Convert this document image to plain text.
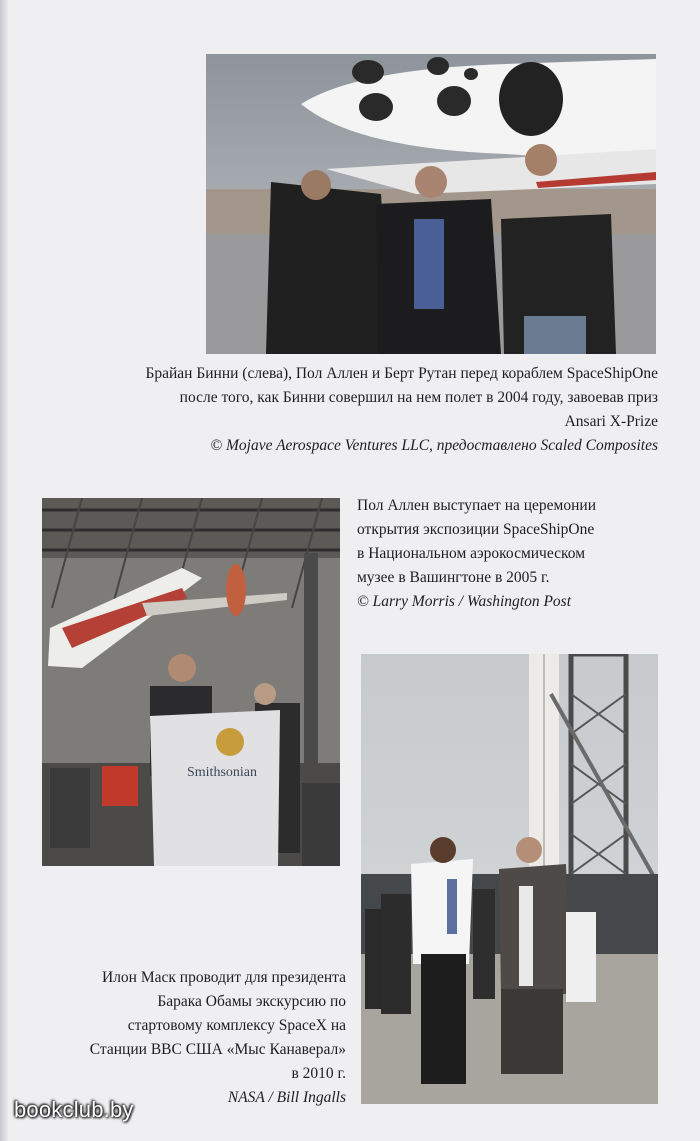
Брайан Бинни (слева), Пол Аллен и Берт Рутан перед кораблем SpaceShipOne
после того, как Бинни совершил на нем полет в 2004 году, завоевав приз
Ansari X-Prize
© Mojave Aerospace Ventures LLC, предоставлено Scaled Composites

Smithsonian

Пол Аллен выступает на церемонии
открытия экспозиции SpaceShipOne
в Национальном аэрокосмическом
музее в Вашингтоне в 2005 г.
© Larry Morris / Washington Post

Илон Маск проводит для президента
Барака Обамы экскурсию по
стартовому комплексу SpaceX на
Станции ВВС США «Мыс Канаверал»
в 2010 г.
NASA / Bill Ingalls

bookclub.by
